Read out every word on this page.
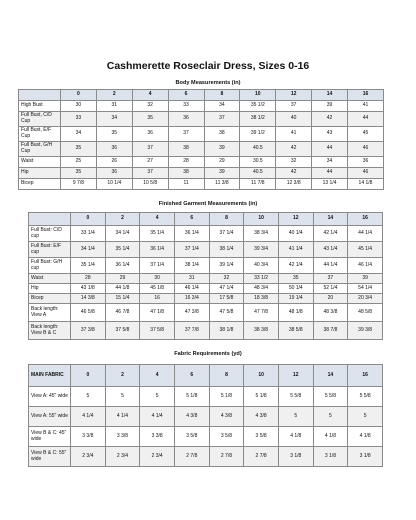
Cashmerette Roseclair Dress, Sizes 0-16
Body Measurements (in)
	0	2	4	6	8	10	12	14	16
High Bust	30	31	32	33	34	35 1/2	37	39	41
Full Bust, C/D Cup	33	34	35	36	37	38 1/2	40	42	44
Full Bust, E/F Cup	34	35	36	37	38	39 1/2	41	43	45
Full Bust, G/H Cup	35	36	37	38	39	40.5	42	44	46
Waist	25	26	27	28	29	30.5	32	34	36
Hip	35	36	37	38	39	40.5	42	44	46
Bicep	9 7/8	10 1/4	10 5/8	11	11 3/8	11 7/8	12 3/8	13 1/4	14 1/8
Finished Garment Measurements (in)
	0	2	4	6	8	10	12	14	16
Full Bust: C/D cup	33 1/4	34 1/4	35 1/4	36 1/4	37 1/4	38 3/4	40 1/4	42 1/4	44 1/4
Full Bust: E/F cup	34 1/4	35 1/4	36 1/4	37 1/4	38 1/4	39 3/4	41 1/4	43 1/4	45 1/4
Full Bust: G/H cup	35 1/4	36 1/4	37 1/4	38 1/4	39 1/4	40 3/4	42 1/4	44 1/4	46 1/4
Waist	28	29	30	31	32	33 1/2	35	37	39
Hip	43 1/8	44 1/8	45 1/8	46 1/4	47 1/4	48 3/4	50 1/4	52 1/4	54 1/4
Bicep	14 3/8	15 1/4	16	16 3/4	17 5/8	18 3/8	19 1/4	20	20 3/4
Back length: View A	46 5/8	46 7/8	47 1/8	47 3/8	47 5/8	47 7/8	48 1/8	48 3/8	48 5/8
Back length: View B & C	37 3/8	37 5/8	37 5/8	37 7/8	38 1/8	38 3/8	38 5/8	38 7/8	39 3/8
Fabric Requirements (yd)
MAIN FABRIC	0	2	4	6	8	10	12	14	16
View A: 45" wide	5	5	5	5 1/8	5 1/8	5 1/8	5 5/8	5 5/8	5 5/8
View A: 55" wide	4 1/4	4 1/4	4 1/4	4 3/8	4 3/8	4 3/8	5	5	5
View B & C: 45" wide	3 3/8	3 3/8	3 3/8	3 5/8	3 5/8	3 5/8	4 1/8	4 1/8	4 1/8
View B & C: 55" wide	2 3/4	2 3/4	2 3/4	2 7/8	2 7/8	2 7/8	3 1/8	3 1/8	3 1/8
